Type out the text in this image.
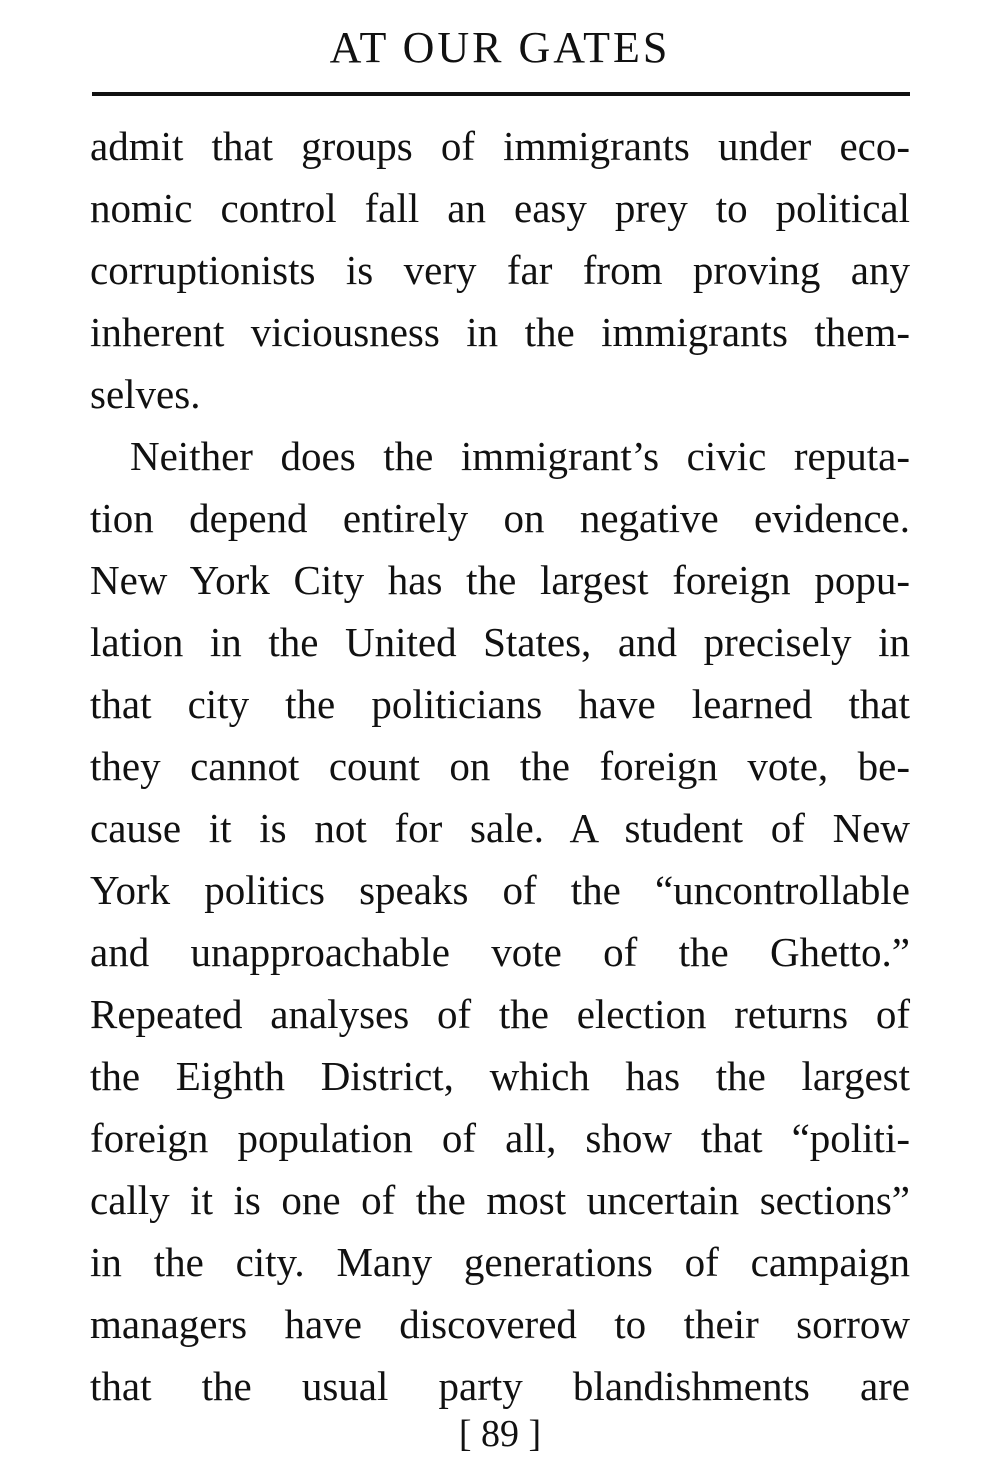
AT OUR GATES
admit that groups of immigrants under eco-
nomic control fall an easy prey to political
corruptionists is very far from proving any
inherent viciousness in the immigrants them-
selves.
Neither does the immigrant’s civic reputa-
tion depend entirely on negative evidence.
New York City has the largest foreign popu-
lation in the United States, and precisely in
that city the politicians have learned that
they cannot count on the foreign vote, be-
cause it is not for sale. A student of New
York politics speaks of the “uncontrollable
and unapproachable vote of the Ghetto.”
Repeated analyses of the election returns of
the Eighth District, which has the largest
foreign population of all, show that “politi-
cally it is one of the most uncertain sections”
in the city. Many generations of campaign
managers have discovered to their sorrow
that the usual party blandishments are
[ 89 ]
